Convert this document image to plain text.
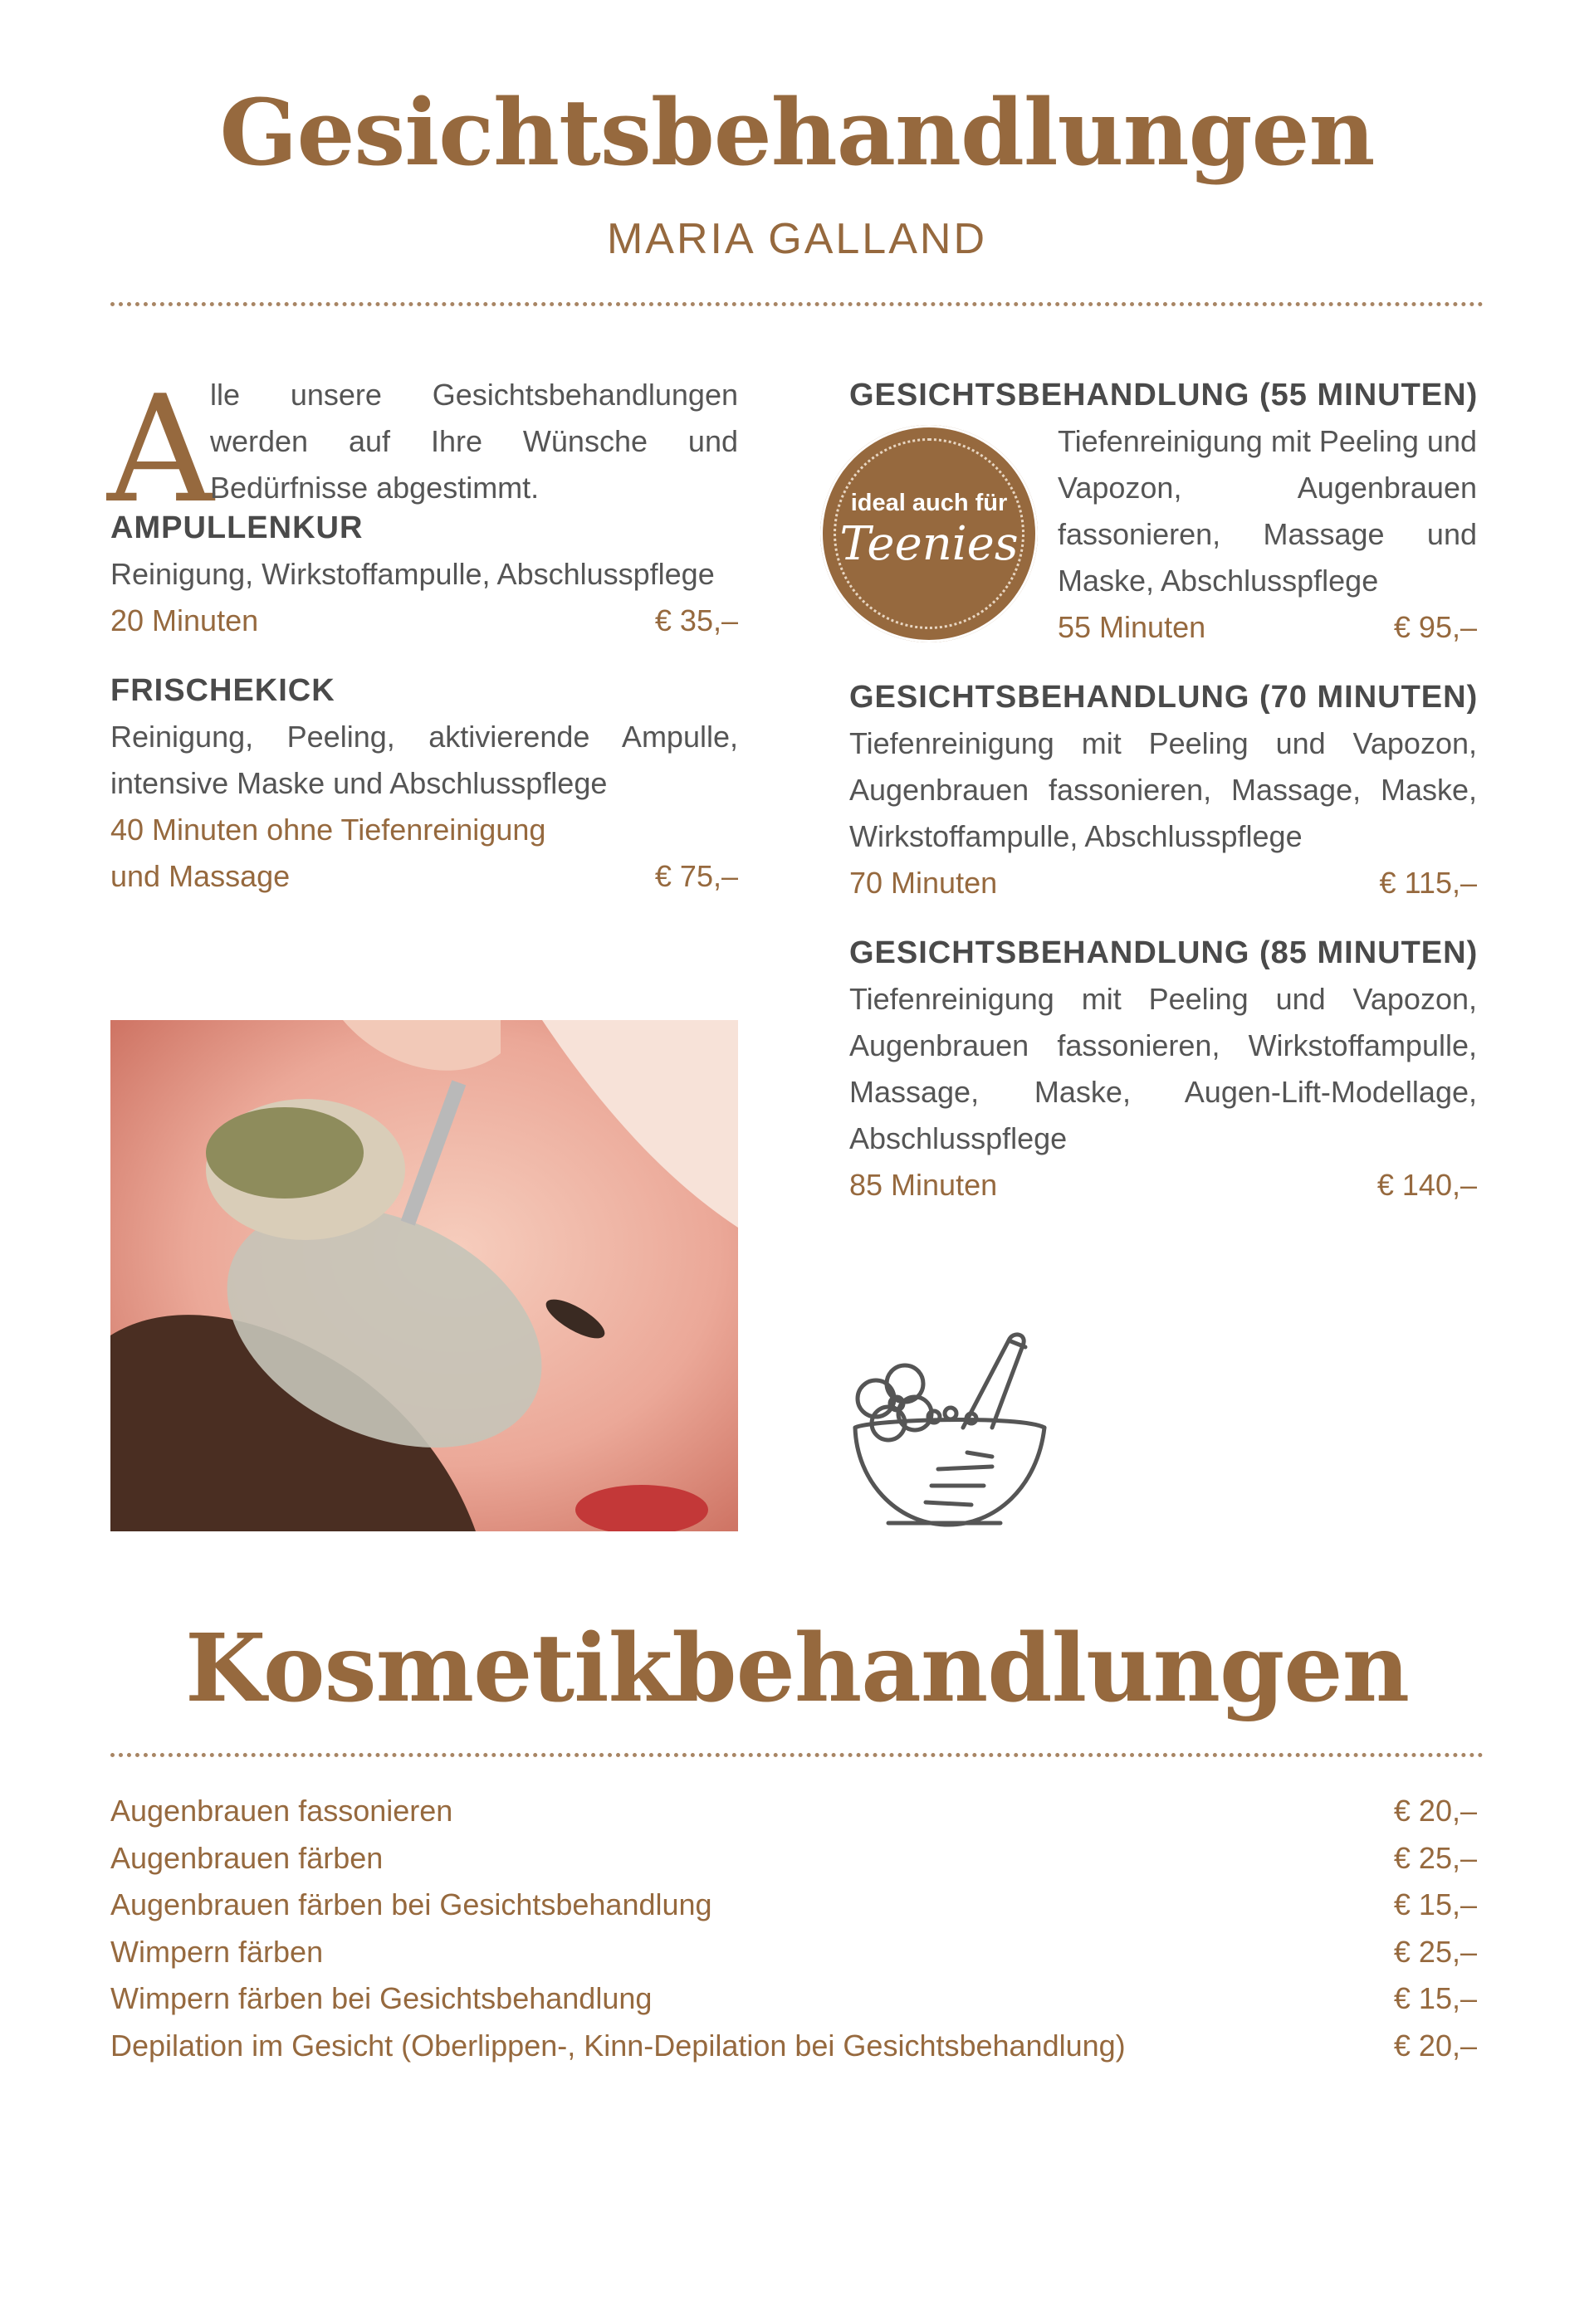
Gesichtsbehandlungen
MARIA GALLAND
A

lle unsere Gesichtsbehandlungen werden auf Ihre Wünsche und Bedürfnisse abgestimmt.

AMPULLENKUR
Reinigung, Wirkstoffampulle, Abschlusspflege
20 Minuten	€ 35,–
FRISCHEKICK
Reinigung, Peeling, aktivierende Ampulle, intensive Maske und Abschlusspflege
40 Minuten ohne Tiefenreinigung
und Massage	€ 75,–
GESICHTSBEHANDLUNG (55 MINUTEN)
Tiefenreinigung mit Peeling und Vapozon, Augenbrauen fassonieren, Massage und Maske, Abschlusspflege
55 Minuten	€ 95,–
GESICHTSBEHANDLUNG (70 MINUTEN)
Tiefenreinigung mit Peeling und Vapozon, Augenbrauen fassonieren, Massage, Maske, Wirkstoffampulle, Abschlusspflege
70 Minuten	€ 115,–
GESICHTSBEHANDLUNG (85 MINUTEN)
Tiefenreinigung mit Peeling und Vapozon, Augenbrauen fassonieren, Wirkstoffampulle, Massage, Maske, Augen-Lift-Modellage, Abschlusspflege
85 Minuten	€ 140,–
ideal auch für
Teenies
Kosmetikbehandlungen
Augenbrauen fassonieren	€ 20,–
Augenbrauen färben	€ 25,–
Augenbrauen färben bei Gesichtsbehandlung	€ 15,–
Wimpern färben	€ 25,–
Wimpern färben bei Gesichtsbehandlung	€ 15,–
Depilation im Gesicht (Oberlippen-, Kinn-Depilation bei Gesichtsbehandlung)	€ 20,–
